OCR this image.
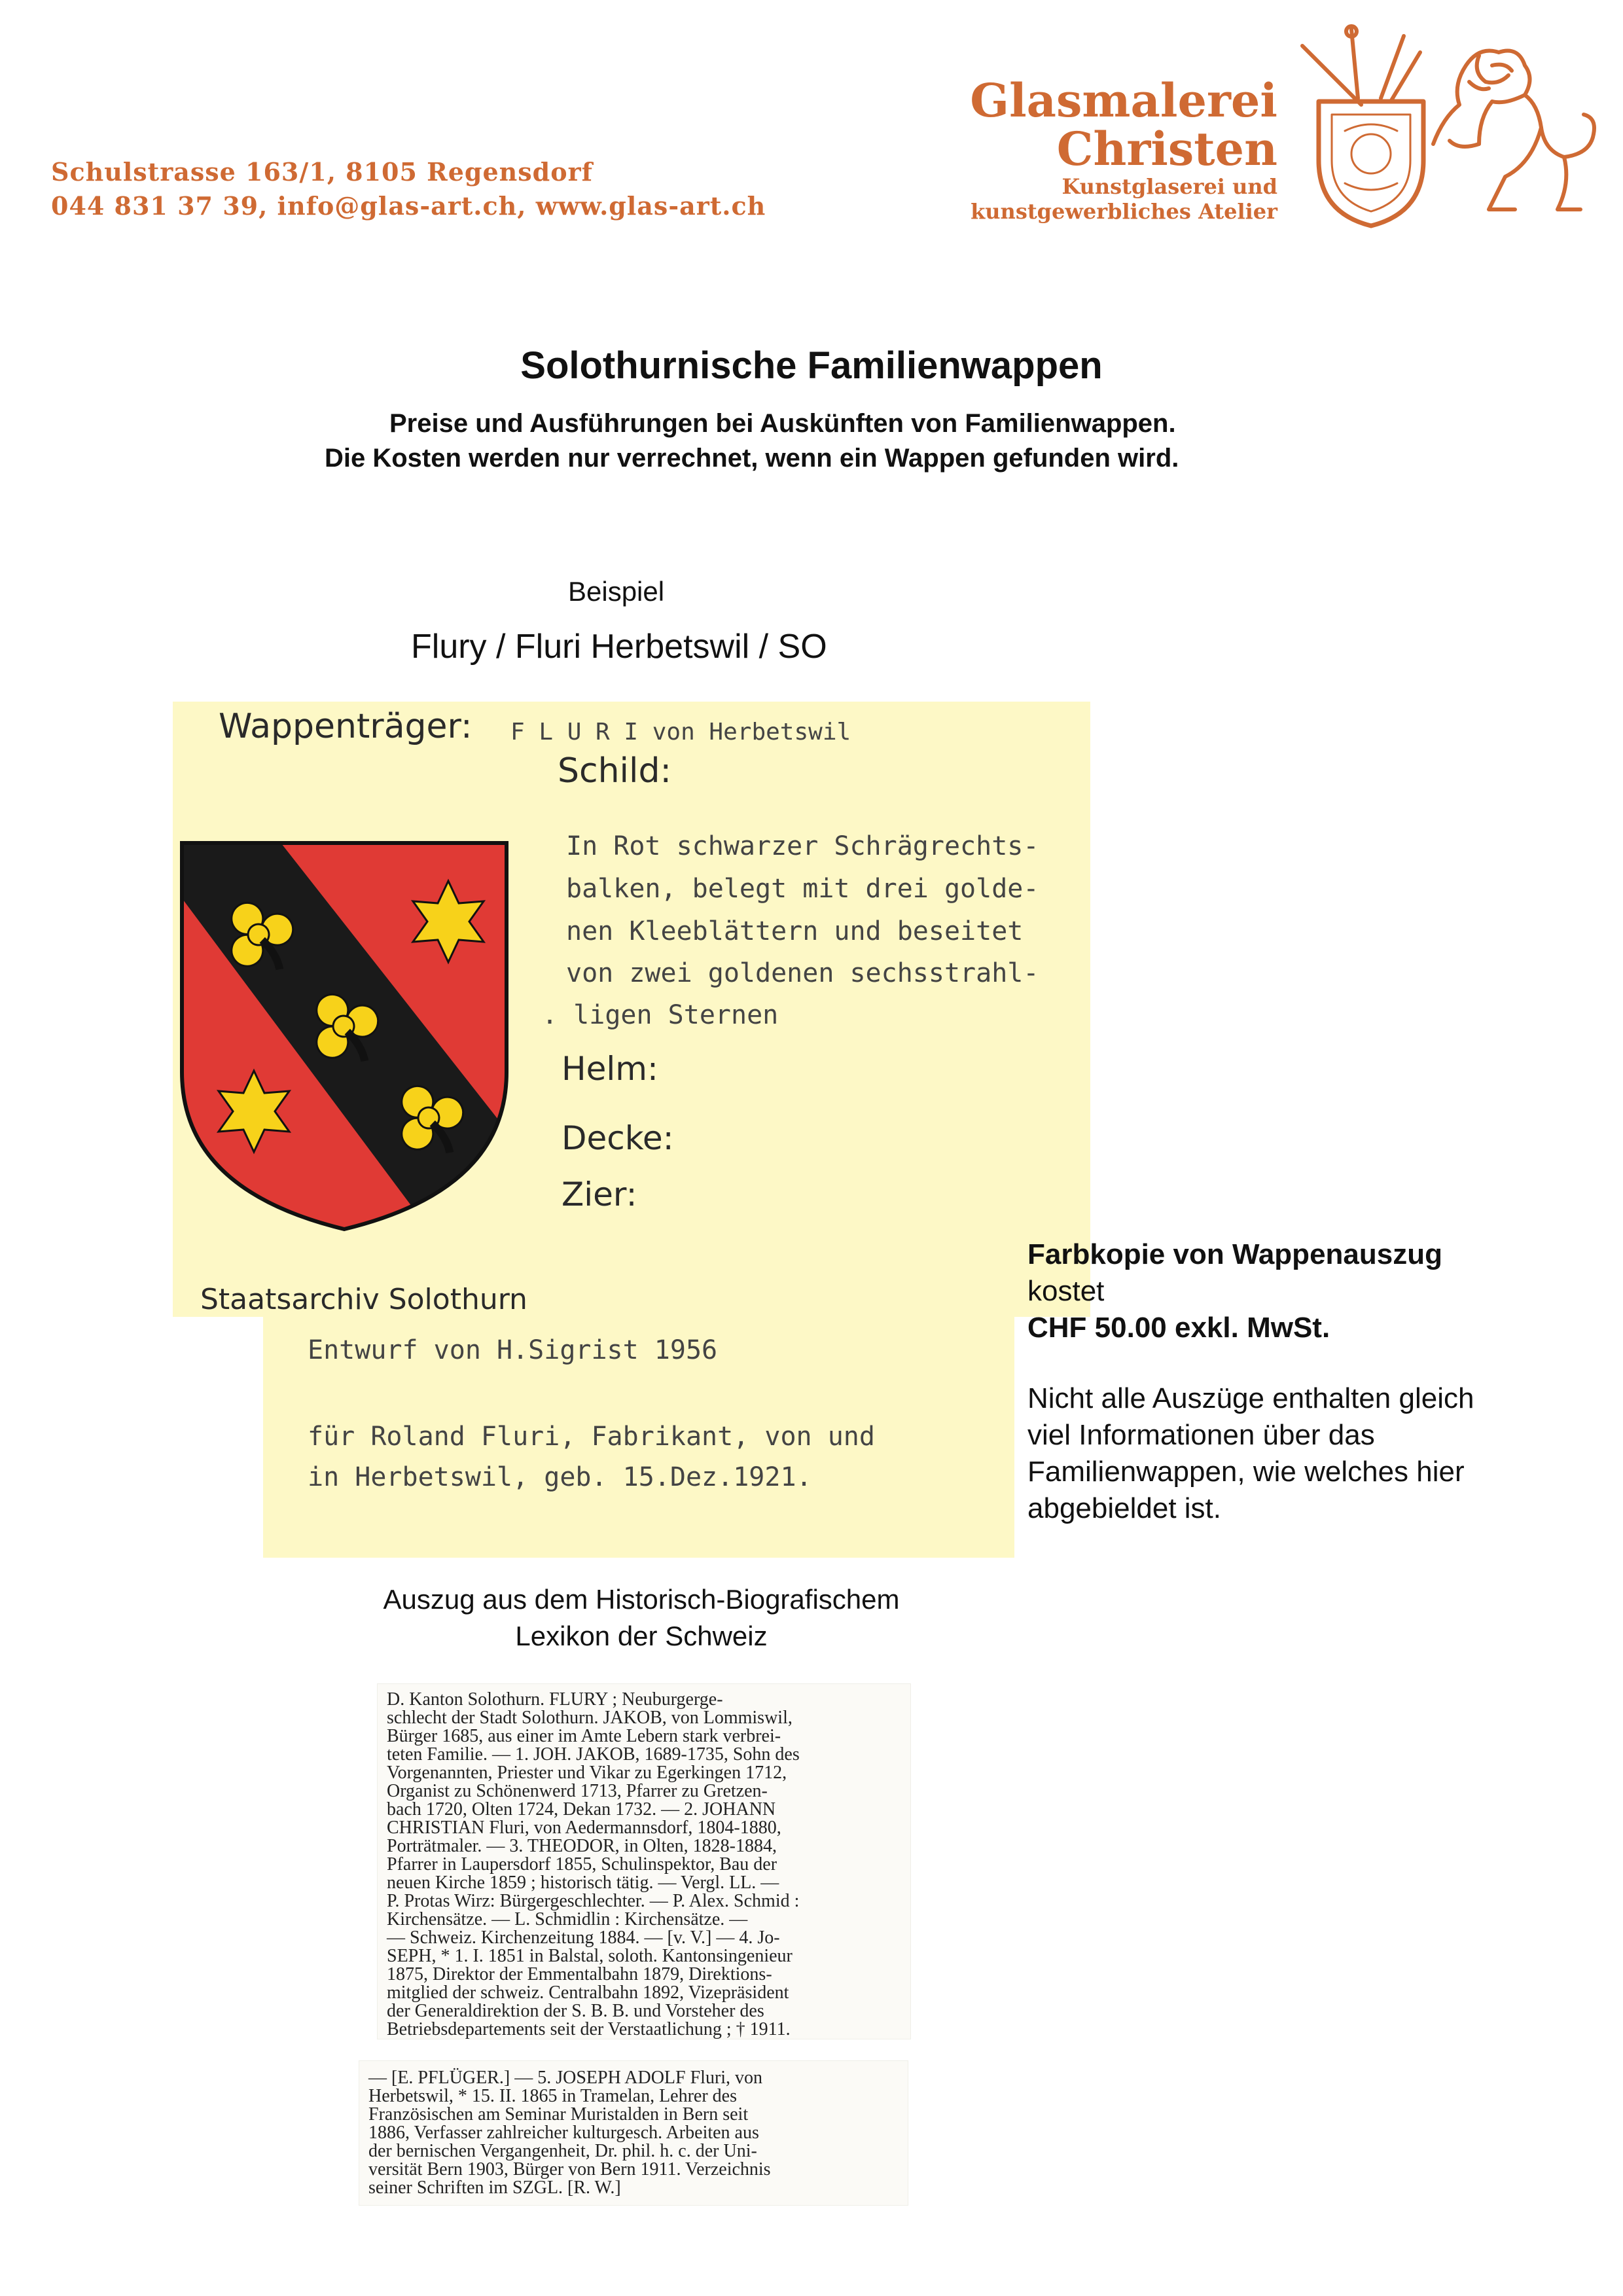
Schulstrasse 163/1, 8105 Regensdorf
044 831 37 39, info@glas-art.ch, www.glas-art.ch
Glasmalerei
Christen
Kunstglaserei und
kunstgewerbliches Atelier
Solothurnische Familienwappen
Preise und Ausführungen bei Auskünften von Familienwappen.
Die Kosten werden nur verrechnet, wenn ein Wappen gefunden wird.
Beispiel
Flury / Fluri Herbetswil / SO
Wappenträger: F L U R I von Herbetswil
Schild:
In Rot schwarzer Schrägrechts-
balken, belegt mit drei golde-
nen Kleeblättern und beseitet
von zwei goldenen sechsstrahl-
. ligen Sternen
Helm:
Decke:
Zier:
Staatsarchiv Solothurn
Entwurf von H.Sigrist 1956
für Roland Fluri, Fabrikant, von und
in Herbetswil, geb. 15.Dez.1921.
Farbkopie von Wappenauszug
kostet
CHF 50.00 exkl. MwSt.
Nicht alle Auszüge enthalten gleich
viel Informationen über das
Familienwappen, wie welches hier
abgebieldet ist.
Auszug aus dem Historisch-Biografischem
Lexikon der Schweiz
D. Kanton Solothurn. FLURY ; Neuburgerge-
schlecht der Stadt Solothurn. JAKOB, von Lommiswil,
Bürger 1685, aus einer im Amte Lebern stark verbrei-
teten Familie. — 1. JOH. JAKOB, 1689-1735, Sohn des
Vorgenannten, Priester und Vikar zu Egerkingen 1712,
Organist zu Schönenwerd 1713, Pfarrer zu Gretzen-
bach 1720, Olten 1724, Dekan 1732. — 2. JOHANN
CHRISTIAN Fluri, von Aedermannsdorf, 1804-1880,
Porträtmaler. — 3. THEODOR, in Olten, 1828-1884,
Pfarrer in Laupersdorf 1855, Schulinspektor, Bau der
neuen Kirche 1859 ; historisch tätig. — Vergl. LL. —
P. Protas Wirz: Bürgergeschlechter. — P. Alex. Schmid :
Kirchensätze. — L. Schmidlin : Kirchensätze. —
— Schweiz. Kirchenzeitung 1884. — [v. V.] — 4. Jo-
SEPH, * 1. I. 1851 in Balstal, soloth. Kantonsingenieur
1875, Direktor der Emmentalbahn 1879, Direktions-
mitglied der schweiz. Centralbahn 1892, Vizepräsident
der Generaldirektion der S. B. B. und Vorsteher des
Betriebsdepartements seit der Verstaatlichung ; † 1911.
— [E. PFLÜGER.] — 5. JOSEPH ADOLF Fluri, von
Herbetswil, * 15. II. 1865 in Tramelan, Lehrer des
Französischen am Seminar Muristalden in Bern seit
1886, Verfasser zahlreicher kulturgesch. Arbeiten aus
der bernischen Vergangenheit, Dr. phil. h. c. der Uni-
versität Bern 1903, Bürger von Bern 1911. Verzeichnis
seiner Schriften im SZGL. [R. W.]
